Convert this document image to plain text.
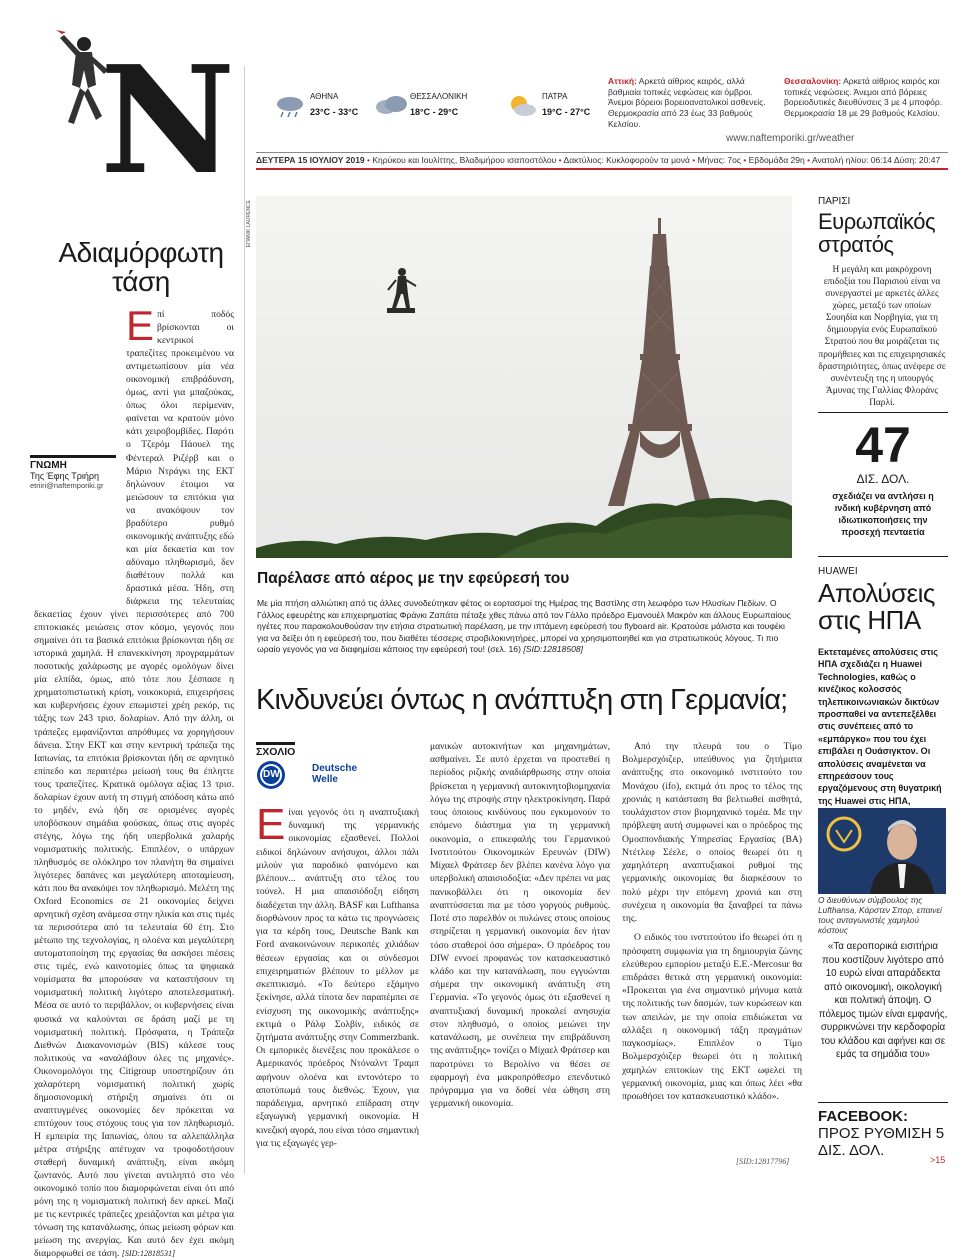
N	ΑΘΗΝΑ
23°C - 33°C
ΘΕΣΣΑΛΟΝΙΚΗ
18°C - 29°C
ΠΑΤΡΑ
19°C - 27°C
Αττική: Αρκετά αίθριος καιρός, αλλά βαθμιαία τοπικές νεφώσεις και όμβροι. Άνεμοι βόρειοι βορειοανατολικοί ασθενείς. Θερμοκρασία από 23 έως 33 βαθμούς Κελσίου.
Θεσσαλονίκη: Αρκετά αίθριος καιρός και τοπικές νεφώσεις. Άνεμοι από βόρειες βορειοδυτικές διευθύνσεις 3 με 4 μποφόρ. Θερμοκρασία 18 με 29 βαθμούς Κελσίου.
www.naftemporiki.gr/weather
ΔΕΥΤΕΡΑ 15 ΙΟΥΛΙΟΥ 2019 • Κηρύκου και Ιουλίττης, Βλαδιμήρου ισαποστόλου • Δακτύλιος: Κυκλοφορούν τα μονά • Μήνας: 7ος • Εβδομάδα 29η • Ανατολή ηλίου: 06:14 Δύση: 20:47
Αδιαμόρφωτη
τάση
Ε πί ποδός βρίσκονται οι κεντρικοί τραπεζίτες προκειμένου να αντιμετωπίσουν μία νέα οικονομική επιβράδυνση, όμως, αντί για μπαζούκας, όπως όλοι περίμεναν, φαίνεται να κρατούν μόνο κάτι χειροβομβίδες. Παρότι ο Τζερόμ Πάουελ της Φέντεραλ Ριζέρβ και ο Μάριο Ντράγκι της ΕΚΤ δηλώνουν έτοιμοι να μειώσουν τα επιτόκια για να ανακόψουν τον βραδύτερο ρυθμό οικονομικής ανάπτυξης εδώ και μία δεκαετία και τον αδύναμο πληθωρισμό, δεν διαθέτουν πολλά και δραστικά μέσα. Ήδη, στη διάρκεια της τελευταίας δεκαετίας έχουν γίνει περισσότερες από 700 επιτοκιακές μειώσεις στον κόσμο, γεγονός που σημαίνει ότι τα βασικά επιτόκια βρίσκονται ήδη σε ιστορικά χαμηλά. Η επανεκκίνηση προγραμμάτων ποσοτικής χαλάρωσης με αγορές ομολόγων δίνει μία ελπίδα, όμως, από τότε που ξέσπασε η χρηματοπιστωτική κρίση, νοικοκυριά, επιχειρήσεις και κυβερνήσεις έχουν επωμιστεί χρέη ρεκόρ, τις τάξης των 243 τρισ. δολαρίων. Από την άλλη, οι τράπεζες εμφανίζονται απρόθυμες να χορηγήσουν δάνεια. Στην ΕΚΤ και στην κεντρική τράπεζα της Ιαπωνίας, τα επιτόκια βρίσκονται ήδη σε αρνητικό επίπεδο και περαιτέρω μείωσή τους θα έπληττε τους τραπεζίτες. Κρατικά ομόλογα αξίας 13 τρισ. δολαρίων έχουν αυτή τη στιγμή απόδοση κάτω από το μηδέν, ενώ ήδη σε ορισμένες αγορές υποβόσκουν σημάδια φούσκας, όπως στις αγορές στέγης, λόγω της ήδη υπερβολικά χαλαρής νομισματικής πολιτικής. Επιπλέον, ο υπάρχων πληθυσμός σε ολόκληρο τον πλανήτη θα σημαίνει λιγότερες δαπάνες και μεγαλύτερη αποταμίευση, κάτι που θα ανακόψει τον πληθωρισμό. Μελέτη της Oxford Economics σε 21 οικονομίες δείχνει αρνητική σχέση ανάμεσα στην ηλικία και στις τιμές τα περισσότερα από τα τελευταία 60 έτη. Στο μέτωπο της τεχνολογίας, η ολοένα και μεγαλύτερη αυτοματοποίηση της εργασίας θα ασκήσει πιέσεις στις τιμές, ενώ καινοτομίες όπως τα ψηφιακά νομίσματα θα μπορούσαν να καταστήσουν τη νομισματική πολιτική λιγότερο αποτελεσματική. Μέσα σε αυτό το περιβάλλον, οι κυβερνήσεις είναι φυσικά να καλούνται σε δράση μαζί με τη νομισματική πολιτική. Πρόσφατα, η Τράπεζα Διεθνών Διακανονισμών (BIS) κάλεσε τους πολιτικούς να «αναλάβουν όλες τις μηχανές». Οικονομολόγοι της Citigroup υποστηρίζουν ότι χαλαρότερη νομισματική πολιτική χωρίς δημοσιονομική στήριξη σημαίνει ότι οι αναπτυγμένες οικονομίες δεν πρόκειται να επιτύχουν τους στόχους τους για τον πληθωρισμό. Η εμπειρία της Ιαπωνίας, όπου τα αλλεπάλληλα μέτρα στήριξης απέτυχαν να τροφοδοτήσουν σταθερή δυναμική ανάπτυξη, είναι ακόμη ζωντανός. Αυτό που γίνεται αντιληπτό στο νέο οικονομικό τοπίο που διαμορφώνεται είναι ότι από μόνη της η νομισματική πολιτική δεν αρκεί. Μαζί με τις κεντρικές τράπεζες χρειάζονται και μέτρα για τόνωση της κατανάλωσης, όπως μείωση φόρων και μείωση της ανεργίας. Και αυτό δεν έχει ακόμη διαμορφωθεί σε τάση. [SID:12818531]
ΓΝΩΜΗ
Της Έφης Τριήρη
etriiri@naftemporiki.gr
ΕΠΑΝΙΚ LAURENCE
Παρέλασε από αέρος με την εφεύρεσή του
Με μία πτήση αλλιώτικη από τις άλλες συνοδεύτηκαν φέτος οι εορτασμοί της Ημέρας της Βαστίλης στη λεωφόρο των Ηλυσίων Πεδίων. Ο Γάλλος εφευρέτης και επιχειρηματίας Φράνκι Ζαπάτα πέταξε χθες πάνω από τον Γάλλο πρόεδρο Εμανουέλ Μακρόν και άλλους Ευρωπαίους ηγέτες που παρακολουθούσαν την ετήσια στρατιωτική παρέλαση, με την ιπτάμενη εφεύρεσή του flyboard air. Κρατούσε μάλιστα και τουφέκι για να δείξει ότι η εφεύρεσή του, που διαθέτει τέσσερις στροβιλοκινητήρες, μπορεί να χρησιμοποιηθεί και για στρατιωτικούς λόγους. Τι πιο ωραίο γεγονός για να διαφημίσει κάποιος την εφεύρεσή του! (σελ. 16) [SID:12818508]
Κινδυνεύει όντως η ανάπτυξη στη Γερμανία;
ΣΧΟΛΙΟ
DW
Deutsche
Welle
Ε ίναι γεγονός ότι η αναπτυξιακή δυναμική της γερμανικής οικονομίας εξασθενεί. Πολλοί ειδικοί δηλώνουν ανήσυχοι, άλλοι πάλι μιλούν για παροδικό φαινόμενο και βλέπουν... ανάπτυξη στο τέλος του τούνελ. Η μια απαισιόδοξη είδηση διαδέχεται την άλλη. BASF και Lufthansa διορθώνουν προς τα κάτω τις προγνώσεις για τα κέρδη τους, Deutsche Bank και Ford ανακοινώνουν περικοπές χιλιάδων θέσεων εργασίας και οι σύνδεσμοι επιχειρηματιών βλέπουν το μέλλον με σκεπτικισμό. «Το δεύτερο εξάμηνο ξεκίνησε, αλλά τίποτα δεν παραπέμπει σε ενίσχυση της οικονομικής ανάπτυξης» εκτιμά ο Ράλφ Σολβίν, ειδικός σε ζητήματα ανάπτυξης στην Commerzbank. Οι εμπορικές διενέξεις που προκάλεσε ο Αμερικανός πρόεδρος Ντόναλντ Τραμπ αφήνουν ολοένα και εντονότερο το αποτύπωμά τους διεθνώς. Έχουν, για παράδειγμα, αρνητικό επίδραση στην εξαγωγική γερμανική οικονομία. Η κινεζική αγορά, που είναι τόσο σημαντική για τις εξαγωγές γερ-
μανικών αυτοκινήτων και μηχανημάτων, ασθμαίνει. Σε αυτό έρχεται να προστεθεί η περίοδος ριζικής αναδιάρθρωσης στην οποία βρίσκεται η γερμανική αυτοκινητοβιομηχανία λόγω της στροφής στην ηλεκτροκίνηση. Παρά τους όποιους κινδύνους που εγκυμονούν το επόμενο διάστημα για τη γερμανική οικονομία, ο επικεφαλής του Γερμανικού Ινστιτούτου Οικονομικών Ερευνών (DIW) Μίχαελ Φράτσερ δεν βλέπει κανένα λόγο για υπερβολική απαισιοδοξία: «Δεν πρέπει να μας πανικοβάλλει ότι η οικονομία δεν αναπτύσσεται πια με τόσο γοργούς ρυθμούς. Ποτέ στο παρελθόν οι πυλώνες στους οποίους στηρίζεται η γερμανική οικονομία δεν ήταν τόσο σταθεροί όσο σήμερα». Ο πρόεδρος του DIW εννοεί προφανώς τον κατασκευαστικό κλάδο και την κατανάλωση, που εγγυώνται σήμερα την οικονομική ανάπτυξη στη Γερμανία. «Το γεγονός όμως ότι εξασθενεί η αναπτυξιακή δυναμική προκαλεί ανησυχία στον πληθυσμό, ο οποίος μειώνει την κατανάλωση, με συνέπεια την επιβράδυνση της ανάπτυξης» τονίζει ο Μίχαελ Φράτσερ και παροτρύνει το Βερολίνο να θέσει σε εφαρμογή ένα μακροπρόθεσμο επενδυτικό πρόγραμμα για να δοθεί νέα ώθηση στη γερμανική οικονομία.

Από την πλευρά του ο Τίμο Βολμερσχόιζερ, υπεύθυνος για ζητήματα ανάπτυξης στο οικονομικό ινστιτούτο του Μονάχου (ifo), εκτιμά ότι προς το τέλος της χρονιάς η κατάσταση θα βελτιωθεί αισθητά, τουλάχιστον στον βιομηχανικό τομέα. Με την πρόβλεψη αυτή συμφωνεί και ο πρόεδρος της Ομοσπονδιακής Υπηρεσίας Εργασίας (BA) Ντέτλεφ Σέελε, ο οποίος θεωρεί ότι η χαμηλότερη αναπτυξιακοί ρυθμοί της γερμανικής οικονομίας θα διαρκέσουν το πολύ μέχρι την επόμενη χρονιά και στη συνέχεια η οικονομία θα ξαναβρεί τα πάνω της.

Ο ειδικός του ινστιτούτου ifo θεωρεί ότι η πρόσφατη συμφωνία για τη δημιουργία ζώνης ελεύθερου εμπορίου μεταξύ Ε.Ε.-Mercosur θα επιδράσει θετικά στη γερμανική οικονομία: «Προκειται για ένα σημαντικό μήνυμα κατά της πολιτικής των δασμών, των κυρώσεων και των απειλών, με την οποία επιδιώκεται να αλλάξει η οικονομική τάξη πραγμάτων παγκοσμίως». Επιπλέον ο Τίμο Βολμερσχόιζερ θεωρεί ότι η πολιτική χαμηλών επιτοκίων της ΕΚΤ ωφελεί τη γερμανική οικονομία, μιας και όπως λέει «θα προωθήσει τον κατασκευαστικό κλάδο».

[SID:12817796]
ΠΑΡΙΣΙ
Ευρωπαϊκός στρατός
Η μεγάλη και μακρόχρονη επιδοξία του Παρισιού είναι να συνεργαστεί με αρκετές άλλες χώρες, μεταξύ των οποίων Σουηδία και Νορβηγία, για τη δημιουργία ενός Ευρωπαϊκού Στρατού που θα μοιράζεται τις προμήθειες και τις επιχειρησιακές δραστηριότητες, όπως ανέφερε σε συνέντευξη της η υπουργός Άμυνας της Γαλλίας Φλοράνς Παρλί.
47
ΔΙΣ. ΔΟΛ.
σχεδιάζει να αντλήσει η ινδική κυβέρνηση από ιδιωτικοποιήσεις την προσεχή πενταετία
HUAWEI
Απολύσεις στις ΗΠΑ
Εκτεταμένες απολύσεις στις ΗΠΑ σχεδιάζει η Huawei Technologies, καθώς ο κινέζικος κολοσσός τηλεπικοινωνιακών δικτύων προσπαθεί να αντεπεξέλθει στις συνέπειες από το «εμπάργκο» που του έχει επιβάλει η Ουάσιγκτον. Οι απολύσεις αναμένεται να επηρεάσουν τους εργαζόμενους στη θυγατρική της Huawei στις ΗΠΑ,
Ο διευθύνων σύμβουλος της Lufthansa, Κάρστεν Σπορ, επαινεί τους ανταγωνιστές χαμηλού κόστους
«Τα αεροπορικά εισιτήρια που κοστίζουν λιγότερο από 10 ευρώ είναι απαράδεκτα από οικονομική, οικολογική και πολιτική άποψη. Ο πόλεμος τιμών είναι εμφανής, συρρικνώνει την κερδοφορία του κλάδου και αφήνει και σε εμάς τα σημάδια του»
FACEBOOK:
ΠΡΟΣ ΡΥΘΜΙΣΗ 5 ΔΙΣ. ΔΟΛ.
>15
